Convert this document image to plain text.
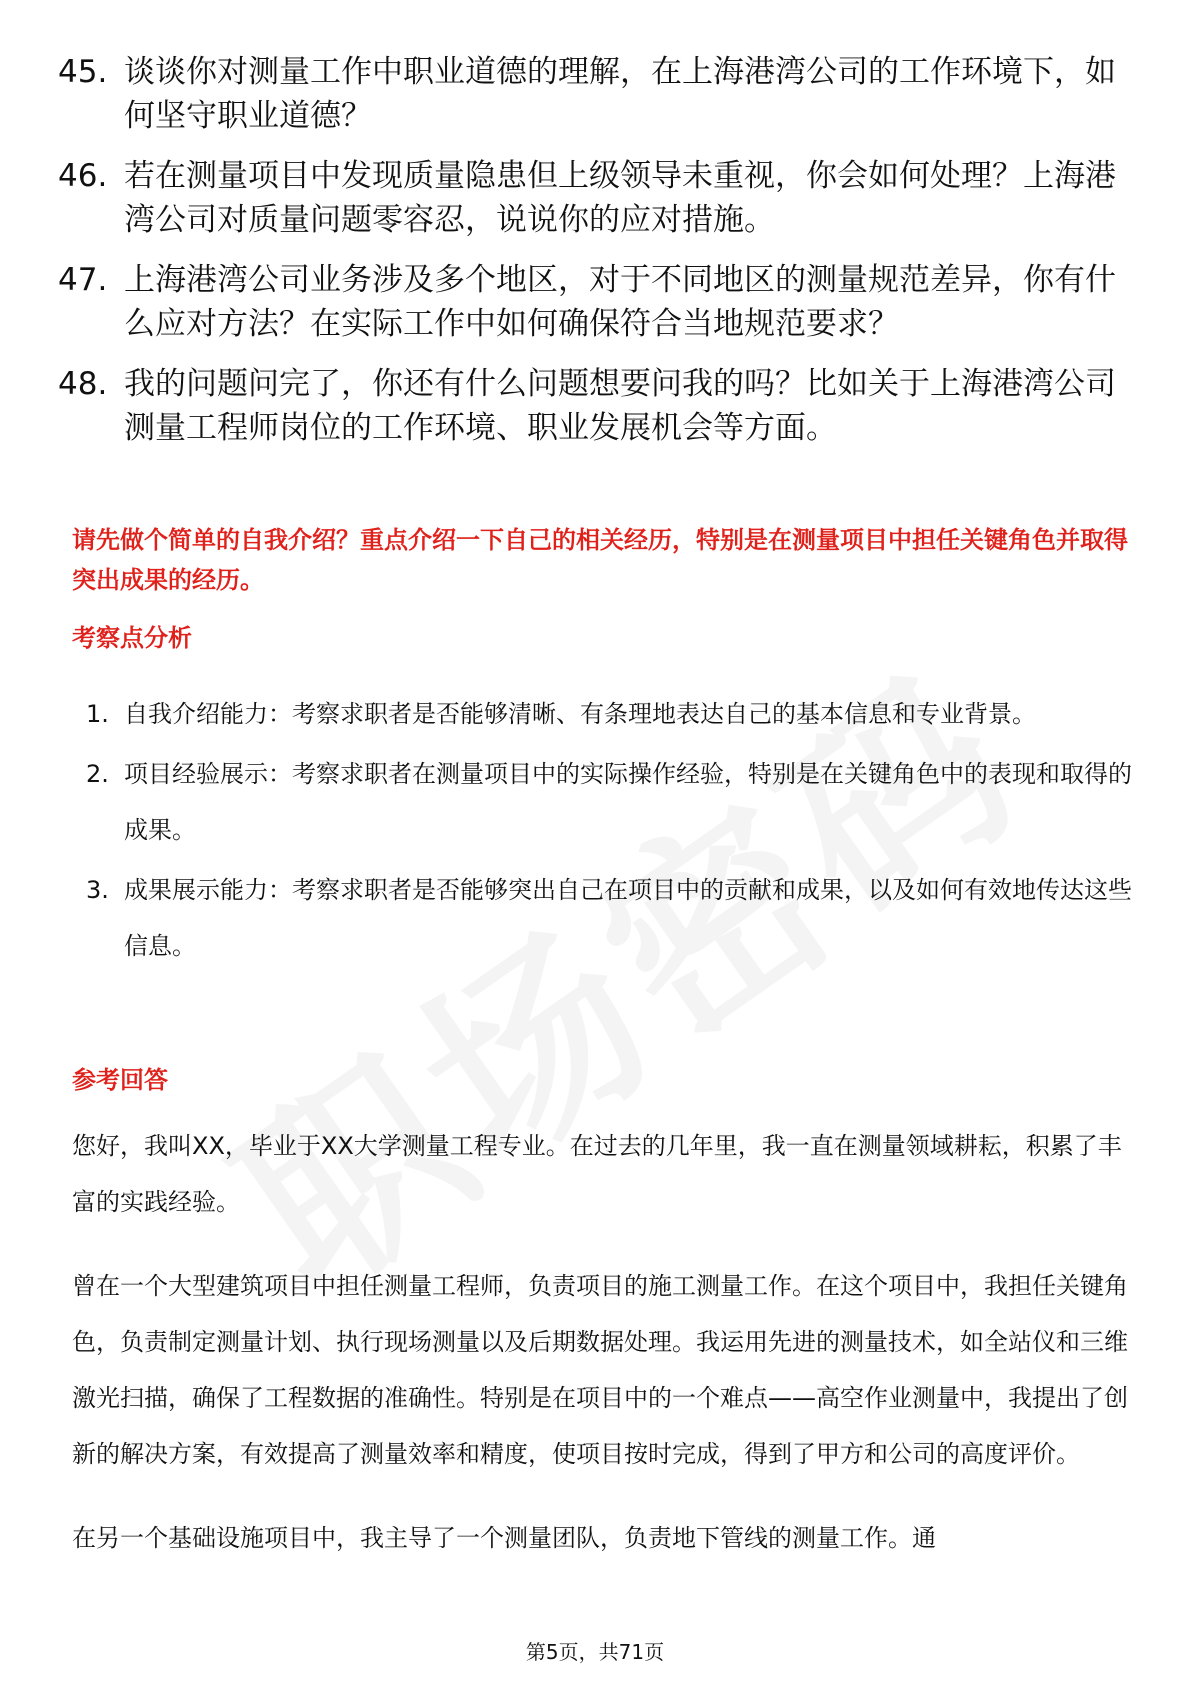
45. 谈谈你对测量工作中职业道德的理解，在上海港湾公司的工作环境下，如何坚守职业道德？
46. 若在测量项目中发现质量隐患但上级领导未重视，你会如何处理？上海港湾公司对质量问题零容忍，说说你的应对措施。
47. 上海港湾公司业务涉及多个地区，对于不同地区的测量规范差异，你有什么应对方法？在实际工作中如何确保符合当地规范要求？
48. 我的问题问完了，你还有什么问题想要问我的吗？比如关于上海港湾公司测量工程师岗位的工作环境、职业发展机会等方面。
请先做个简单的自我介绍？重点介绍一下自己的相关经历，特别是在测量项目中担任关键角色并取得突出成果的经历。
考察点分析
1. 自我介绍能力：考察求职者是否能够清晰、有条理地表达自己的基本信息和专业背景。
2. 项目经验展示：考察求职者在测量项目中的实际操作经验，特别是在关键角色中的表现和取得的成果。
3. 成果展示能力：考察求职者是否能够突出自己在项目中的贡献和成果，以及如何有效地传达这些信息。
参考回答

您好，我叫XX，毕业于XX大学测量工程专业。在过去的几年里，我一直在测量领域耕耘，积累了丰富的实践经验。

曾在一个大型建筑项目中担任测量工程师，负责项目的施工测量工作。在这个项目中，我担任关键角色，负责制定测量计划、执行现场测量以及后期数据处理。我运用先进的测量技术，如全站仪和三维激光扫描，确保了工程数据的准确性。特别是在项目中的一个难点——高空作业测量中，我提出了创新的解决方案，有效提高了测量效率和精度，使项目按时完成，得到了甲方和公司的高度评价。

在另一个基础设施项目中，我主导了一个测量团队，负责地下管线的测量工作。通

第5页，共71页
